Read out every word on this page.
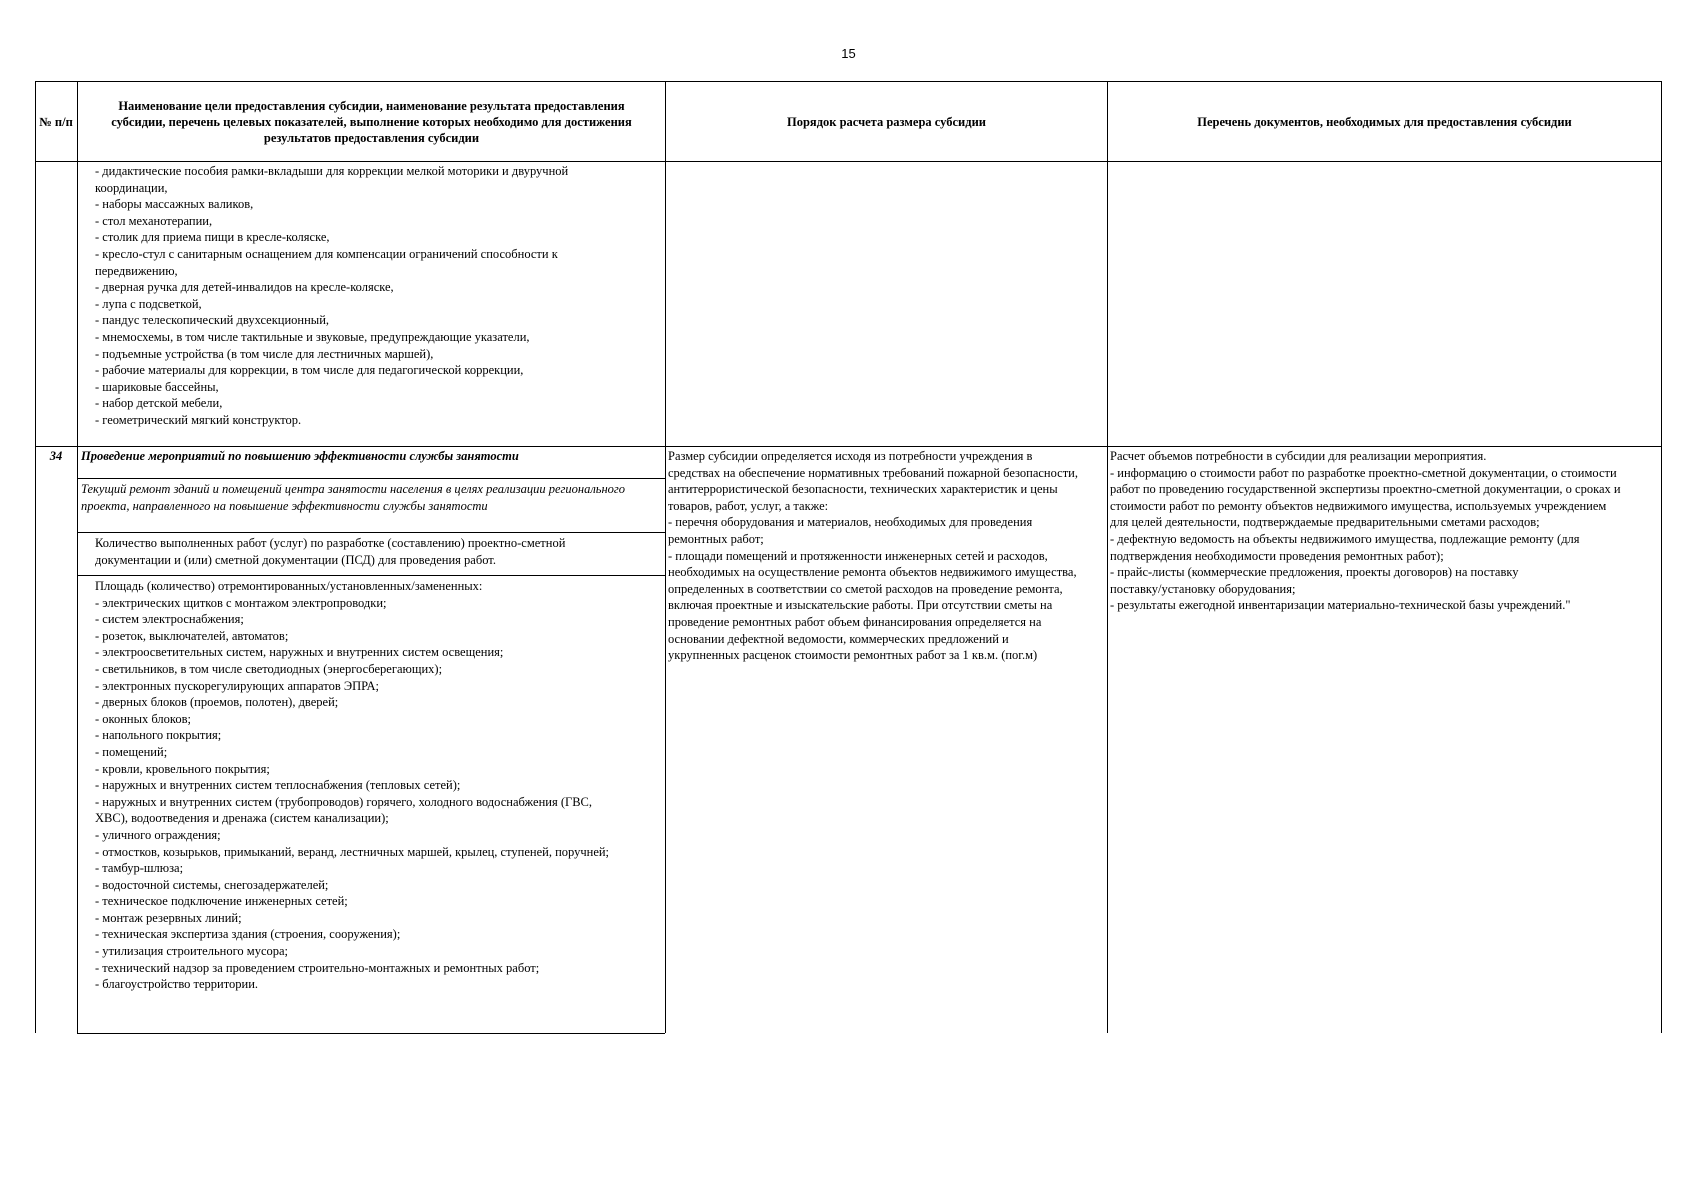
15
№ п/п
Наименование цели предоставления субсидии, наименование результата предоставления
субсидии, перечень целевых показателей, выполнение которых необходимо для достижения
результатов предоставления субсидии
Порядок расчета размера субсидии	Перечень документов, необходимых для предоставления субсидии
- дидактические пособия рамки-вкладыши для коррекции мелкой моторики и двуручной
координации,
- наборы массажных валиков,
- стол механотерапии,
- столик для приема пищи в кресле-коляске,
- кресло-стул с санитарным оснащением для компенсации ограничений способности к
передвижению,
- дверная ручка для детей-инвалидов на кресле-коляске,
- лупа с подсветкой,
- пандус телескопический двухсекционный,
- мнемосхемы, в том числе тактильные и звуковые, предупреждающие указатели,
- подъемные устройства (в том числе для лестничных маршей),
- рабочие материалы для коррекции, в том числе для педагогической коррекции,
- шариковые бассейны,
- набор детской мебели,
- геометрический мягкий конструктор.
34	Проведение мероприятий по повышению эффективности службы занятости
Текущий ремонт зданий и помещений центра занятости населения в целях реализации регионального
проекта, направленного на повышение эффективности службы занятости
Количество выполненных работ (услуг) по разработке (составлению) проектно-сметной
документации и (или) сметной документации (ПСД) для проведения работ.
Площадь (количество) отремонтированных/установленных/замененных:
- электрических щитков с монтажом электропроводки;
- систем электроснабжения;
- розеток, выключателей, автоматов;
- электроосветительных систем, наружных и внутренних систем освещения;
- светильников, в том числе светодиодных (энергосберегающих);
- электронных пускорегулирующих аппаратов ЭПРА;
- дверных блоков (проемов, полотен), дверей;
- оконных блоков;
- напольного покрытия;
- помещений;
- кровли, кровельного покрытия;
- наружных и внутренних систем теплоснабжения (тепловых сетей);
- наружных и внутренних систем (трубопроводов) горячего, холодного водоснабжения (ГВС,
ХВС), водоотведения и дренажа (систем канализации);
- уличного ограждения;
- отмостков, козырьков, примыканий, веранд, лестничных маршей, крылец, ступеней, поручней;
- тамбур-шлюза;
- водосточной системы, снегозадержателей;
- техническое подключение инженерных сетей;
- монтаж резервных линий;
- техническая экспертиза здания (строения, сооружения);
- утилизация строительного мусора;
- технический надзор за проведением строительно-монтажных и ремонтных работ;
- благоустройство территории.
Размер субсидии определяется исходя из потребности учреждения в
средствах на обеспечение нормативных требований пожарной безопасности,
антитеррористической безопасности, технических характеристик и цены
товаров, работ, услуг, а также:
- перечня оборудования и материалов, необходимых для проведения
ремонтных работ;
- площади помещений и протяженности инженерных сетей и расходов,
необходимых на осуществление ремонта объектов недвижимого имущества,
определенных в соответствии со сметой расходов на проведение ремонта,
включая проектные и изыскательские работы. При отсутствии сметы на
проведение ремонтных работ объем финансирования определяется на
основании дефектной ведомости, коммерческих предложений и
укрупненных расценок стоимости ремонтных работ за 1 кв.м. (пог.м)
Расчет объемов потребности в субсидии для реализации мероприятия.
- информацию о стоимости работ по разработке проектно-сметной документации, о стоимости
работ по проведению государственной экспертизы проектно-сметной документации, о сроках и
стоимости работ по ремонту объектов недвижимого имущества, используемых учреждением
для целей деятельности, подтверждаемые предварительными сметами расходов;
- дефектную ведомость на объекты недвижимого имущества, подлежащие ремонту (для
подтверждения необходимости проведения ремонтных работ);
- прайс-листы (коммерческие предложения, проекты договоров) на поставку
поставку/установку оборудования;
- результаты ежегодной инвентаризации материально-технической базы учреждений."
